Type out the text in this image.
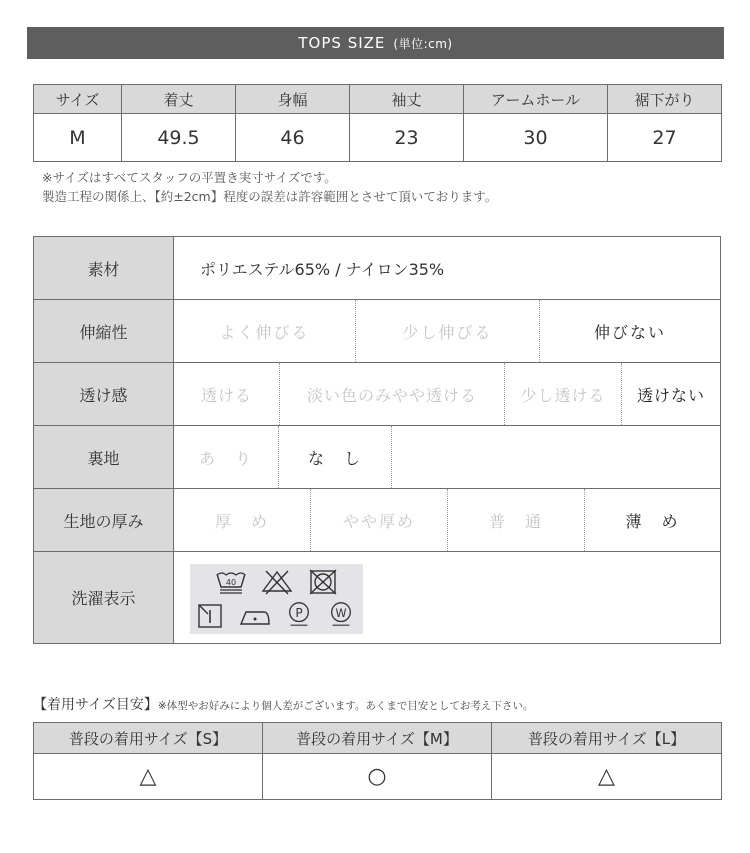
TOPS SIZE (単位:cm)
サイズ	着丈	身幅	袖丈	アームホール	裾下がり
M	49.5	46	23	30	27
※サイズはすべてスタッフの平置き実寸サイズです。
製造工程の関係上、【約±2cm】程度の誤差は許容範囲とさせて頂いております。
素材	ポリエステル65% / ナイロン35%
伸縮性	よく伸びる	少し伸びる	伸びない
透け感	透ける	淡い色のみやや透ける	少し透ける	透けない
裏地	あ　り	な　し
生地の厚み	厚　め	やや厚め	普　通	薄　め
洗濯表示
40
P	W
【着用サイズ目安】※体型やお好みにより個人差がございます。あくまで目安としてお考え下さい。
普段の着用サイズ【S】	普段の着用サイズ【M】	普段の着用サイズ【L】
△	○	△
